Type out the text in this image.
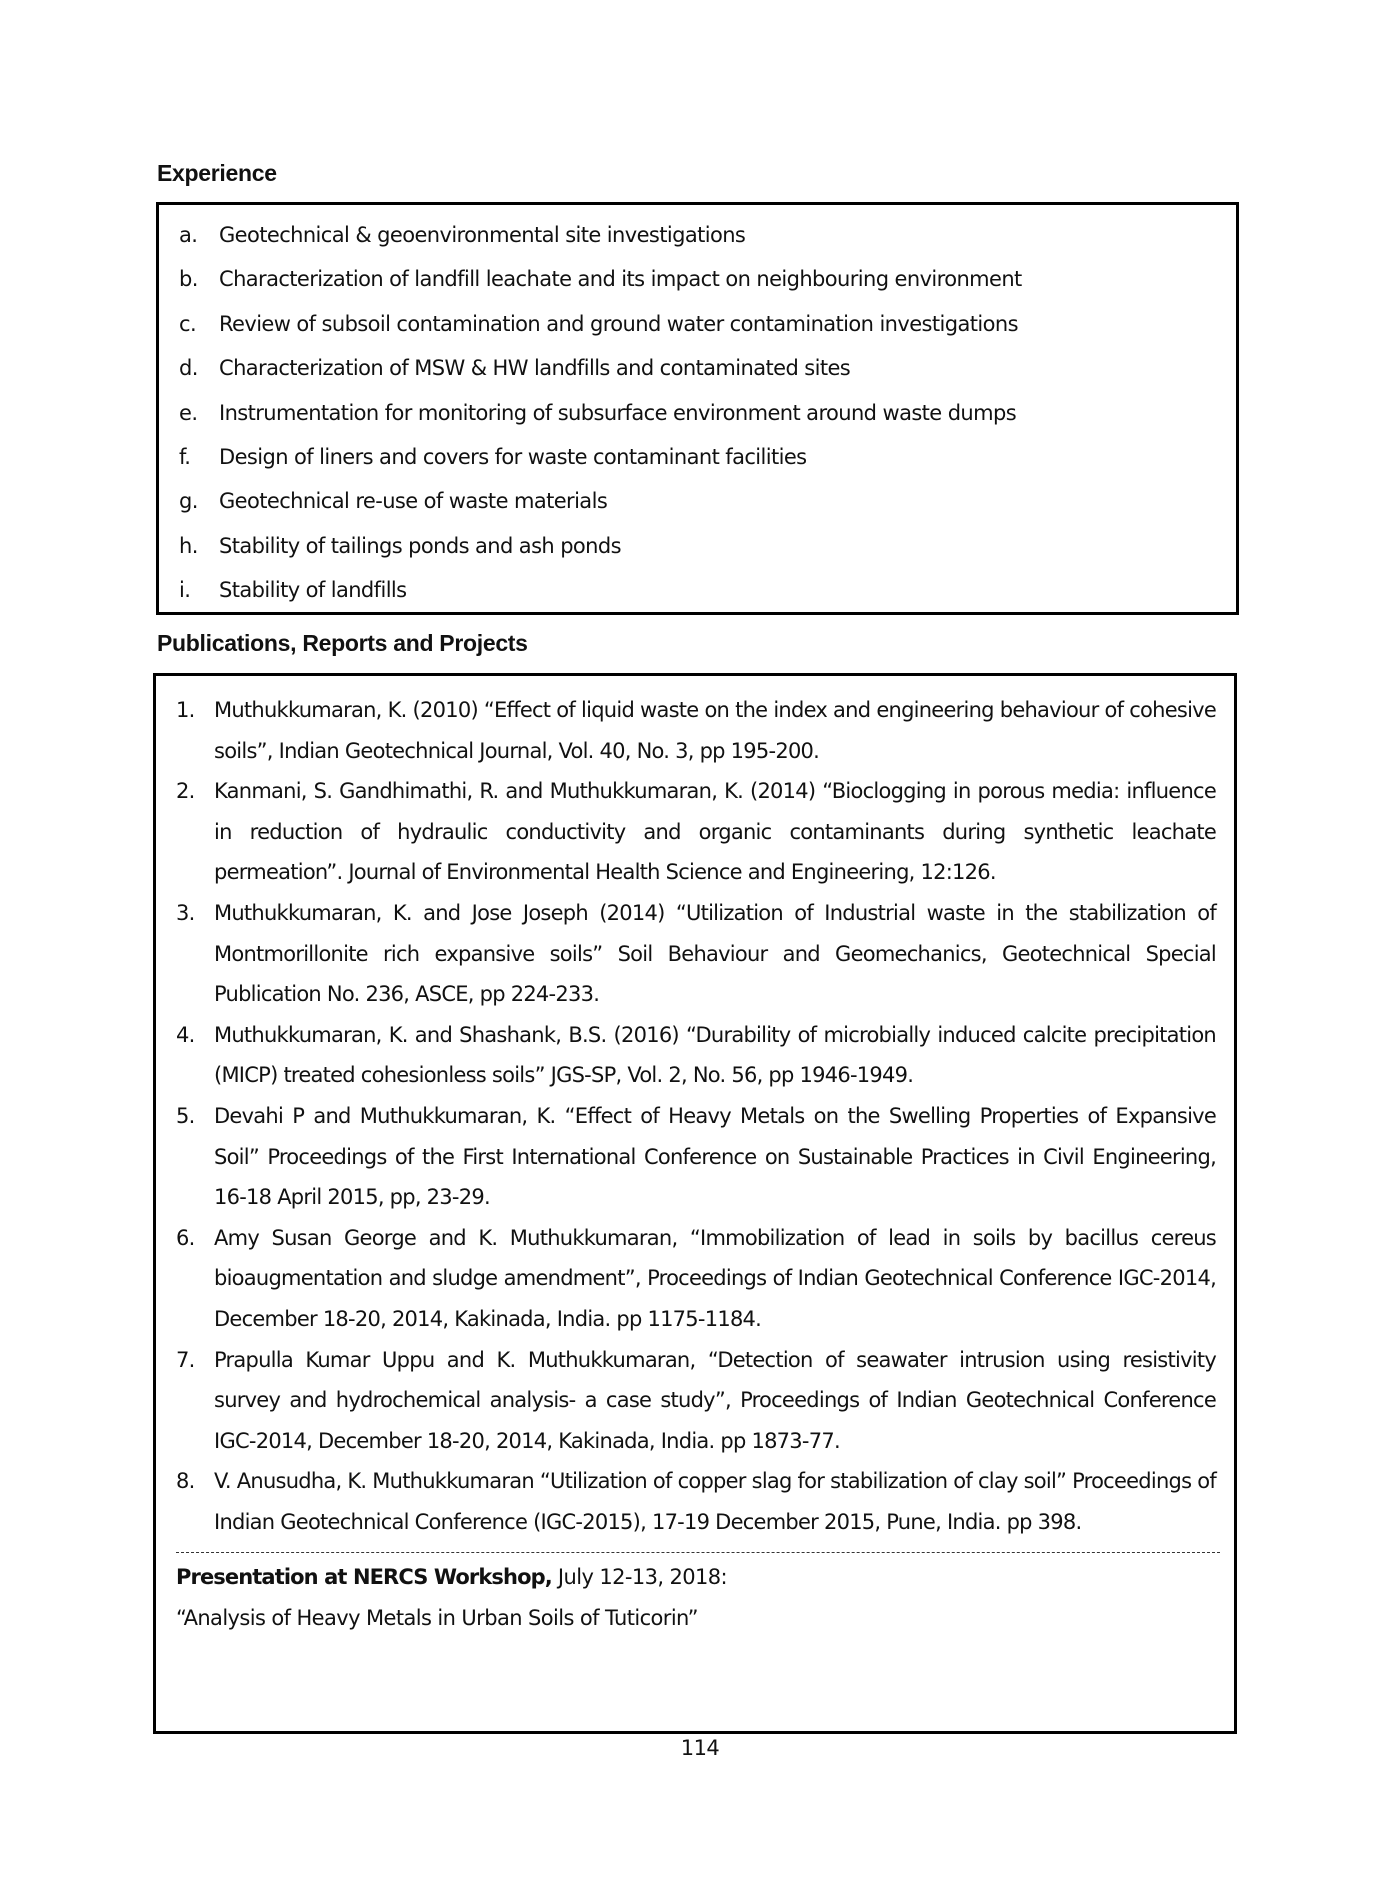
Experience
a.	Geotechnical & geoenvironmental site investigations
b.	Characterization of landfill leachate and its impact on neighbouring environment
c.	Review of subsoil contamination and ground water contamination investigations
d.	Characterization of MSW & HW landfills and contaminated sites
e.	Instrumentation for monitoring of subsurface environment around waste dumps
f.	Design of liners and covers for waste contaminant facilities
g.	Geotechnical re-use of waste materials
h.	Stability of tailings ponds and ash ponds
i.	Stability of landfills
Publications, Reports and Projects
1. Muthukkumaran, K. (2010) “Effect of liquid waste on the index and engineering behaviour of cohesive soils”, Indian Geotechnical Journal, Vol. 40, No. 3, pp 195-200.
2. Kanmani, S. Gandhimathi, R. and Muthukkumaran, K. (2014) “Bioclogging in porous media: influence in reduction of hydraulic conductivity and organic contaminants during synthetic leachate permeation”. Journal of Environmental Health Science and Engineering, 12:126.
3. Muthukkumaran, K. and Jose Joseph (2014) “Utilization of Industrial waste in the stabilization of Montmorillonite rich expansive soils” Soil Behaviour and Geomechanics, Geotechnical Special Publication No. 236, ASCE, pp 224-233.
4. Muthukkumaran, K. and Shashank, B.S. (2016) “Durability of microbially induced calcite precipitation (MICP) treated cohesionless soils” JGS-SP, Vol. 2, No. 56, pp 1946-1949.
5. Devahi P and Muthukkumaran, K. “Effect of Heavy Metals on the Swelling Properties of Expansive Soil” Proceedings of the First International Conference on Sustainable Practices in Civil Engineering, 16-18 April 2015, pp, 23-29.
6. Amy Susan George and K. Muthukkumaran, “Immobilization of lead in soils by bacillus cereus bioaugmentation and sludge amendment”, Proceedings of Indian Geotechnical Conference IGC-2014, December 18-20, 2014, Kakinada, India. pp 1175-1184.
7. Prapulla Kumar Uppu and K. Muthukkumaran, “Detection of seawater intrusion using resistivity survey and hydrochemical analysis- a case study”, Proceedings of Indian Geotechnical Conference IGC-2014, December 18-20, 2014, Kakinada, India. pp 1873-77.
8. V. Anusudha, K. Muthukkumaran “Utilization of copper slag for stabilization of clay soil” Proceedings of Indian Geotechnical Conference (IGC-2015), 17-19 December 2015, Pune, India. pp 398.
Presentation at NERCS Workshop, July 12-13, 2018:
“Analysis of Heavy Metals in Urban Soils of Tuticorin”
114
